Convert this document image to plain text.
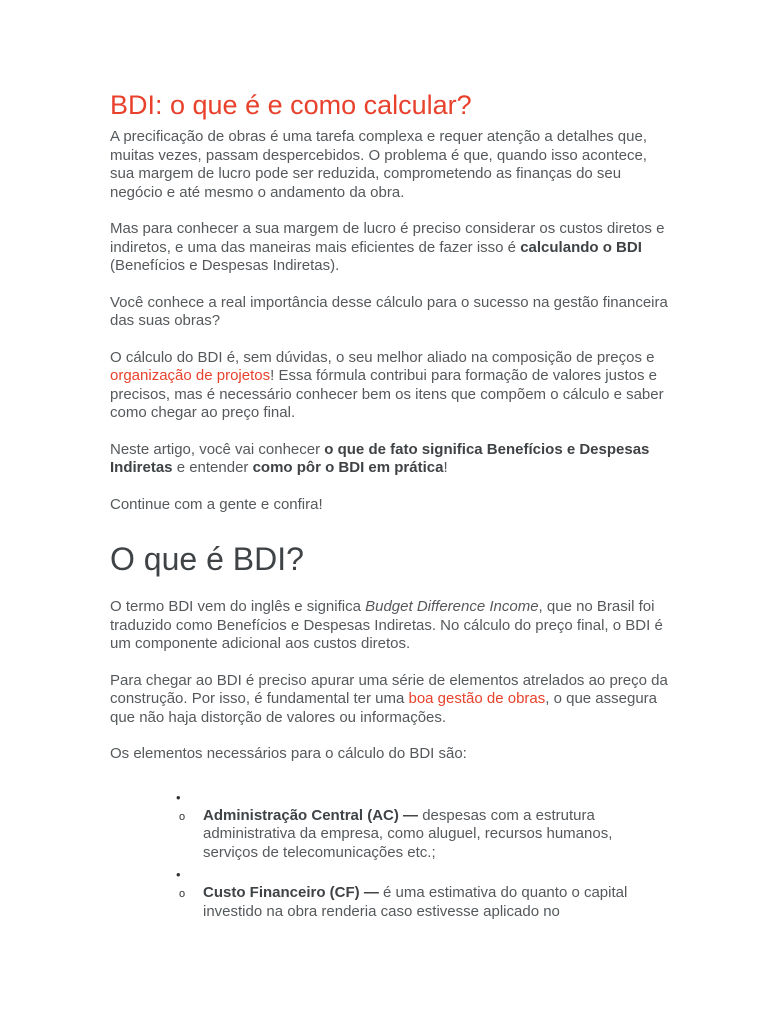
BDI: o que é e como calcular?

A precificação de obras é uma tarefa complexa e requer atenção a detalhes que, muitas vezes, passam despercebidos. O problema é que, quando isso acontece, sua margem de lucro pode ser reduzida, comprometendo as finanças do seu negócio e até mesmo o andamento da obra.

Mas para conhecer a sua margem de lucro é preciso considerar os custos diretos e indiretos, e uma das maneiras mais eficientes de fazer isso é calculando o BDI (Benefícios e Despesas Indiretas).

Você conhece a real importância desse cálculo para o sucesso na gestão financeira das suas obras?

O cálculo do BDI é, sem dúvidas, o seu melhor aliado na composição de preços e organização de projetos! Essa fórmula contribui para formação de valores justos e precisos, mas é necessário conhecer bem os itens que compõem o cálculo e saber como chegar ao preço final.

Neste artigo, você vai conhecer o que de fato significa Benefícios e Despesas Indiretas e entender como pôr o BDI em prática!

Continue com a gente e confira!

O que é BDI?

O termo BDI vem do inglês e significa Budget Difference Income, que no Brasil foi traduzido como Benefícios e Despesas Indiretas. No cálculo do preço final, o BDI é um componente adicional aos custos diretos.

Para chegar ao BDI é preciso apurar uma série de elementos atrelados ao preço da construção. Por isso, é fundamental ter uma boa gestão de obras, o que assegura que não haja distorção de valores ou informações.

Os elementos necessários para o cálculo do BDI são:

•
o Administração Central (AC) — despesas com a estrutura administrativa da empresa, como aluguel, recursos humanos, serviços de telecomunicações etc.;
•
o Custo Financeiro (CF) — é uma estimativa do quanto o capital investido na obra renderia caso estivesse aplicado no
